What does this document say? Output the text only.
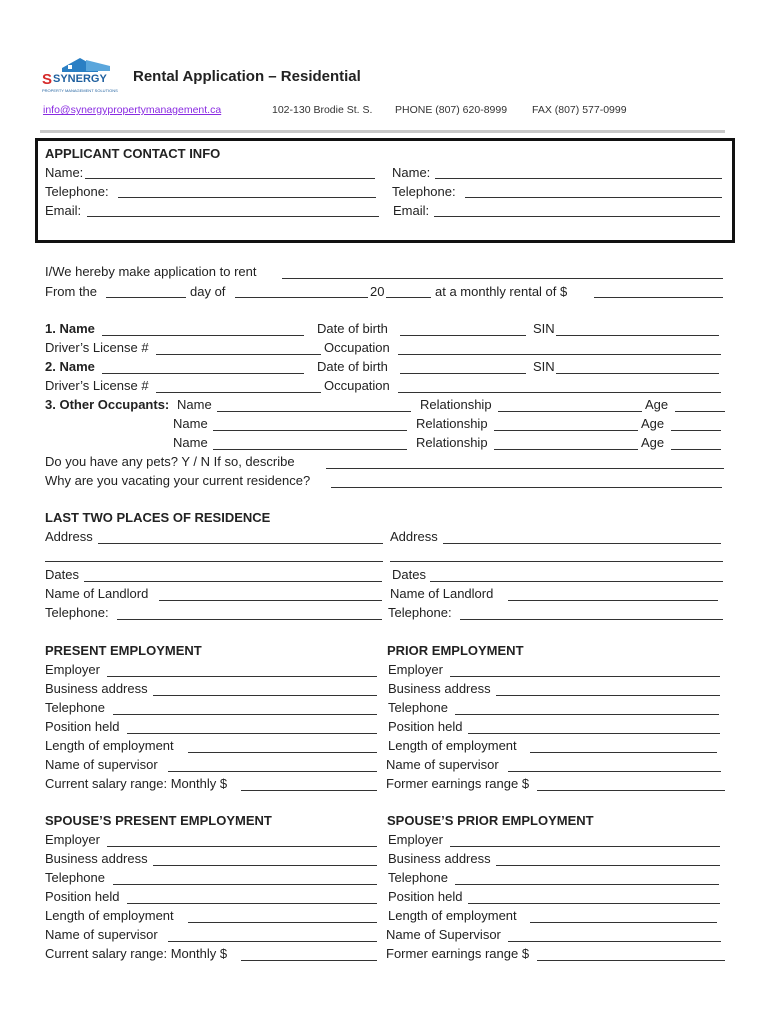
S SYNERGY
PROPERTY MANAGEMENT SOLUTIONS
Rental Application – Residential
info@synergypropertymanagement.ca	102-130 Brodie St. S. PHONE (807) 620-8999 FAX (807) 577-0999
APPLICANT CONTACT INFO
Name:	Name:
Telephone:	Telephone:
Email:	Email:
I/We hereby make application to rent
From the	day of	20	at a monthly rental of $
1. Name	Date of birth	SIN
Driver’s License #	Occupation
2. Name	Date of birth	SIN
Driver’s License #	Occupation
3. Other Occupants: Name	Relationship	Age
Name	Relationship	Age
Name	Relationship	Age
Do you have any pets? Y / N If so, describe
Why are you vacating your current residence?
LAST TWO PLACES OF RESIDENCE
Address	Address
Dates	Dates
Name of Landlord	Name of Landlord
Telephone:	Telephone:
PRESENT EMPLOYMENT	PRIOR EMPLOYMENT
Employer	Employer
Business address	Business address
Telephone	Telephone
Position held	Position held
Length of employment	Length of employment
Name of supervisor	Name of supervisor
Current salary range: Monthly $	Former earnings range $
SPOUSE’S PRESENT EMPLOYMENT	SPOUSE’S PRIOR EMPLOYMENT
Employer	Employer
Business address	Business address
Telephone	Telephone
Position held	Position held
Length of employment	Length of employment
Name of supervisor	Name of Supervisor
Current salary range: Monthly $	Former earnings range $
